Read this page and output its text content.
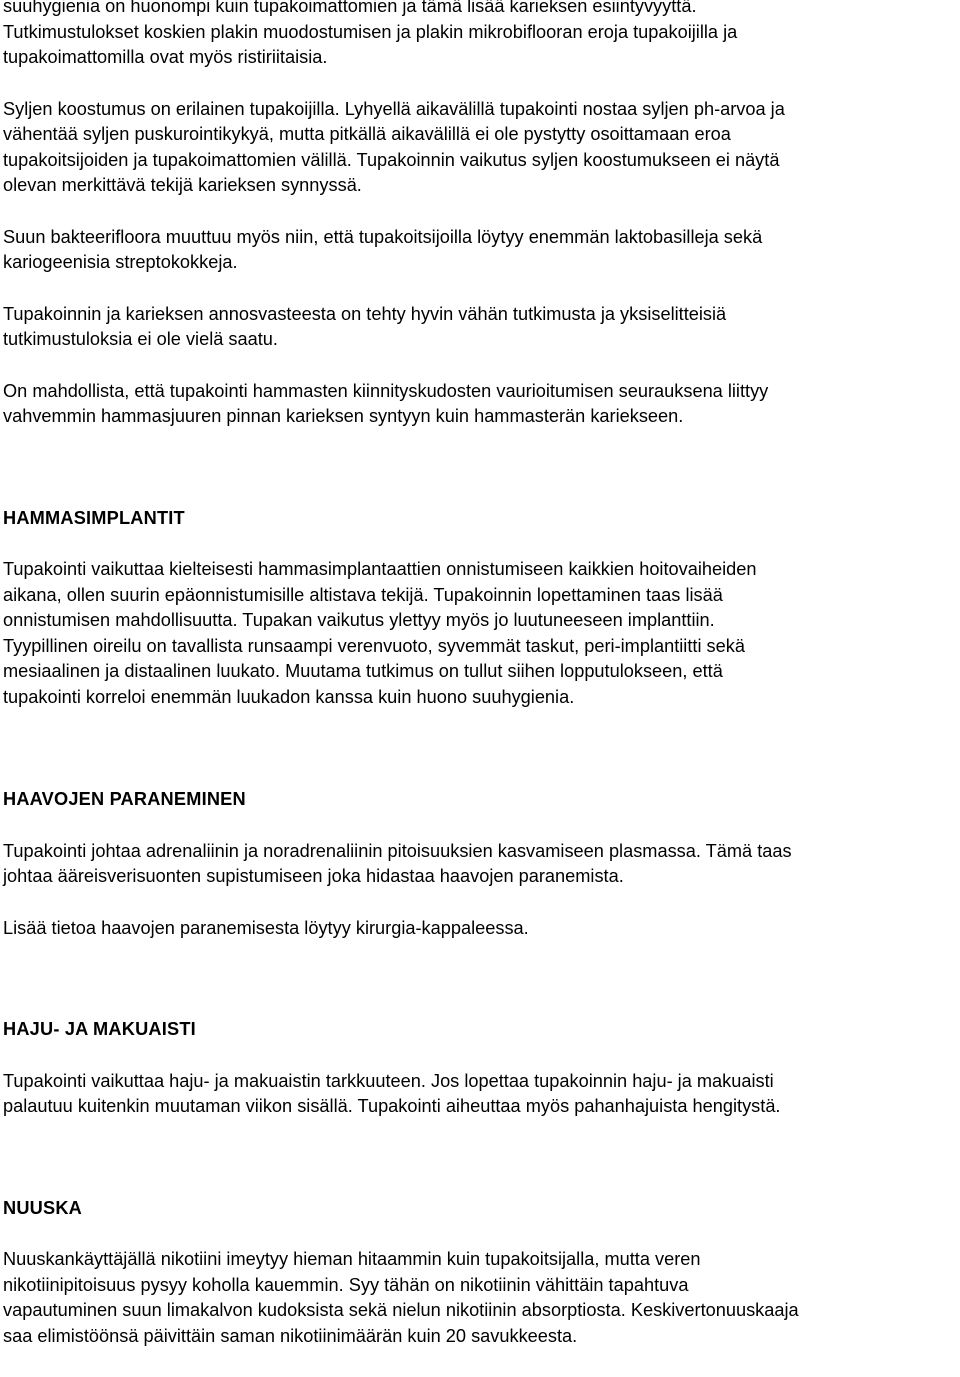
suuhygienia on huonompi kuin tupakoimattomien ja tämä lisää karieksen esiintyvyyttä.
Tutkimustulokset koskien plakin muodostumisen ja plakin mikrobiflooran eroja tupakoijilla ja
tupakoimattomilla ovat myös ristiriitaisia.

Syljen koostumus on erilainen tupakoijilla. Lyhyellä aikavälillä tupakointi nostaa syljen ph-arvoa ja
vähentää syljen puskurointikykyä, mutta pitkällä aikavälillä ei ole pystytty osoittamaan eroa
tupakoitsijoiden ja tupakoimattomien välillä. Tupakoinnin vaikutus syljen koostumukseen ei näytä
olevan merkittävä tekijä karieksen synnyssä.

Suun bakteerifloora muuttuu myös niin, että tupakoitsijoilla löytyy enemmän laktobasilleja sekä
kariogeenisia streptokokkeja.

Tupakoinnin ja karieksen annosvasteesta on tehty hyvin vähän tutkimusta ja yksiselitteisiä
tutkimustuloksia ei ole vielä saatu.

On mahdollista, että tupakointi hammasten kiinnityskudosten vaurioitumisen seurauksena liittyy
vahvemmin hammasjuuren pinnan karieksen syntyyn kuin hammasterän kariekseen.

HAMMASIMPLANTIT

Tupakointi vaikuttaa kielteisesti hammasimplantaattien onnistumiseen kaikkien hoitovaiheiden
aikana, ollen suurin epäonnistumisille altistava tekijä. Tupakoinnin lopettaminen taas lisää
onnistumisen mahdollisuutta. Tupakan vaikutus ylettyy myös jo luutuneeseen implanttiin.
Tyypillinen oireilu on tavallista runsaampi verenvuoto, syvemmät taskut, peri-implantiitti sekä
mesiaalinen ja distaalinen luukato. Muutama tutkimus on tullut siihen lopputulokseen, että
tupakointi korreloi enemmän luukadon kanssa kuin huono suuhygienia.

HAAVOJEN PARANEMINEN

Tupakointi johtaa adrenaliinin ja noradrenaliinin pitoisuuksien kasvamiseen plasmassa. Tämä taas
johtaa ääreisverisuonten supistumiseen joka hidastaa haavojen paranemista.

Lisää tietoa haavojen paranemisesta löytyy kirurgia-kappaleessa.

HAJU- JA MAKUAISTI

Tupakointi vaikuttaa haju- ja makuaistin tarkkuuteen. Jos lopettaa tupakoinnin haju- ja makuaisti
palautuu kuitenkin muutaman viikon sisällä. Tupakointi aiheuttaa myös pahanhajuista hengitystä.

NUUSKA

Nuuskankäyttäjällä nikotiini imeytyy hieman hitaammin kuin tupakoitsijalla, mutta veren
nikotiinipitoisuus pysyy koholla kauemmin. Syy tähän on nikotiinin vähittäin tapahtuva
vapautuminen suun limakalvon kudoksista sekä nielun nikotiinin absorptiosta. Keskivertonuuskaaja
saa elimistöönsä päivittäin saman nikotiinimäärän kuin 20 savukkeesta.
